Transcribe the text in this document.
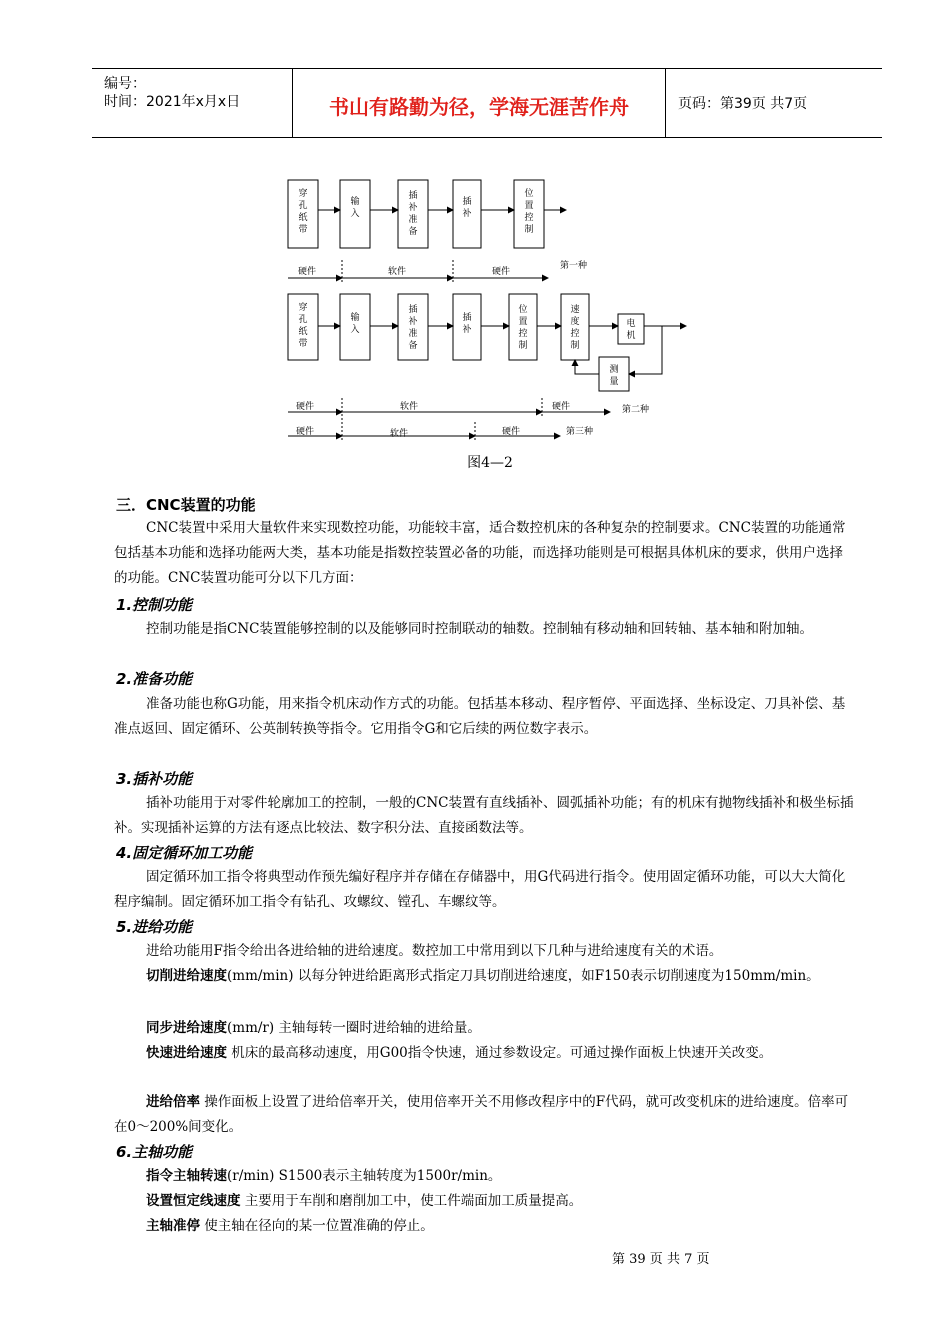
编号：
时间：2021年x月x日	书山有路勤为径，学海无涯苦作舟	页码：第39页 共7页
穿
孔
纸
带
输
入
插
补
准
备
插
补
位
置
控
制
硬件	软件	硬件
第一种
穿
孔
纸
带
输
入
插
补
准
备
插
补
位
置
控
制
速
度
控
制
电
机
测
量
硬件	软件	硬件	第二种
硬件	软件	硬件	第三种
图4—2
三．CNC装置的功能

CNC装置中采用大量软件来实现数控功能，功能较丰富，适合数控机床的各种复杂的控制要求。CNC装置的功能通常包括基本功能和选择功能两大类，基本功能是指数控装置必备的功能，而选择功能则是可根据具体机床的要求，供用户选择的功能。CNC装置功能可分以下几方面：

1.控制功能

控制功能是指CNC装置能够控制的以及能够同时控制联动的轴数。控制轴有移动轴和回转轴、基本轴和附加轴。

2.准备功能

准备功能也称G功能，用来指令机床动作方式的功能。包括基本移动、程序暂停、平面选择、坐标设定、刀具补偿、基准点返回、固定循环、公英制转换等指令。它用指令G和它后续的两位数字表示。

3.插补功能

插补功能用于对零件轮廓加工的控制，一般的CNC装置有直线插补、圆弧插补功能；有的机床有抛物线插补和极坐标插补。实现插补运算的方法有逐点比较法、数字积分法、直接函数法等。

4.固定循环加工功能

固定循环加工指令将典型动作预先编好程序并存储在存储器中，用G代码进行指令。使用固定循环功能，可以大大简化程序编制。固定循环加工指令有钻孔、攻螺纹、镗孔、车螺纹等。

5.进给功能

进给功能用F指令给出各进给轴的进给速度。数控加工中常用到以下几种与进给速度有关的术语。

切削进给速度(mm/min) 以每分钟进给距离形式指定刀具切削进给速度，如F150表示切削速度为150mm/min。

同步进给速度(mm/r) 主轴每转一圈时进给轴的进给量。

快速进给速度 机床的最高移动速度，用G00指令快速，通过参数设定。可通过操作面板上快速开关改变。

进给倍率 操作面板上设置了进给倍率开关，使用倍率开关不用修改程序中的F代码，就可改变机床的进给速度。倍率可在0～200%间变化。

6.主轴功能

指令主轴转速(r/min) S1500表示主轴转度为1500r/min。

设置恒定线速度 主要用于车削和磨削加工中，使工件端面加工质量提高。

主轴准停 使主轴在径向的某一位置准确的停止。

第 39 页 共 7 页
